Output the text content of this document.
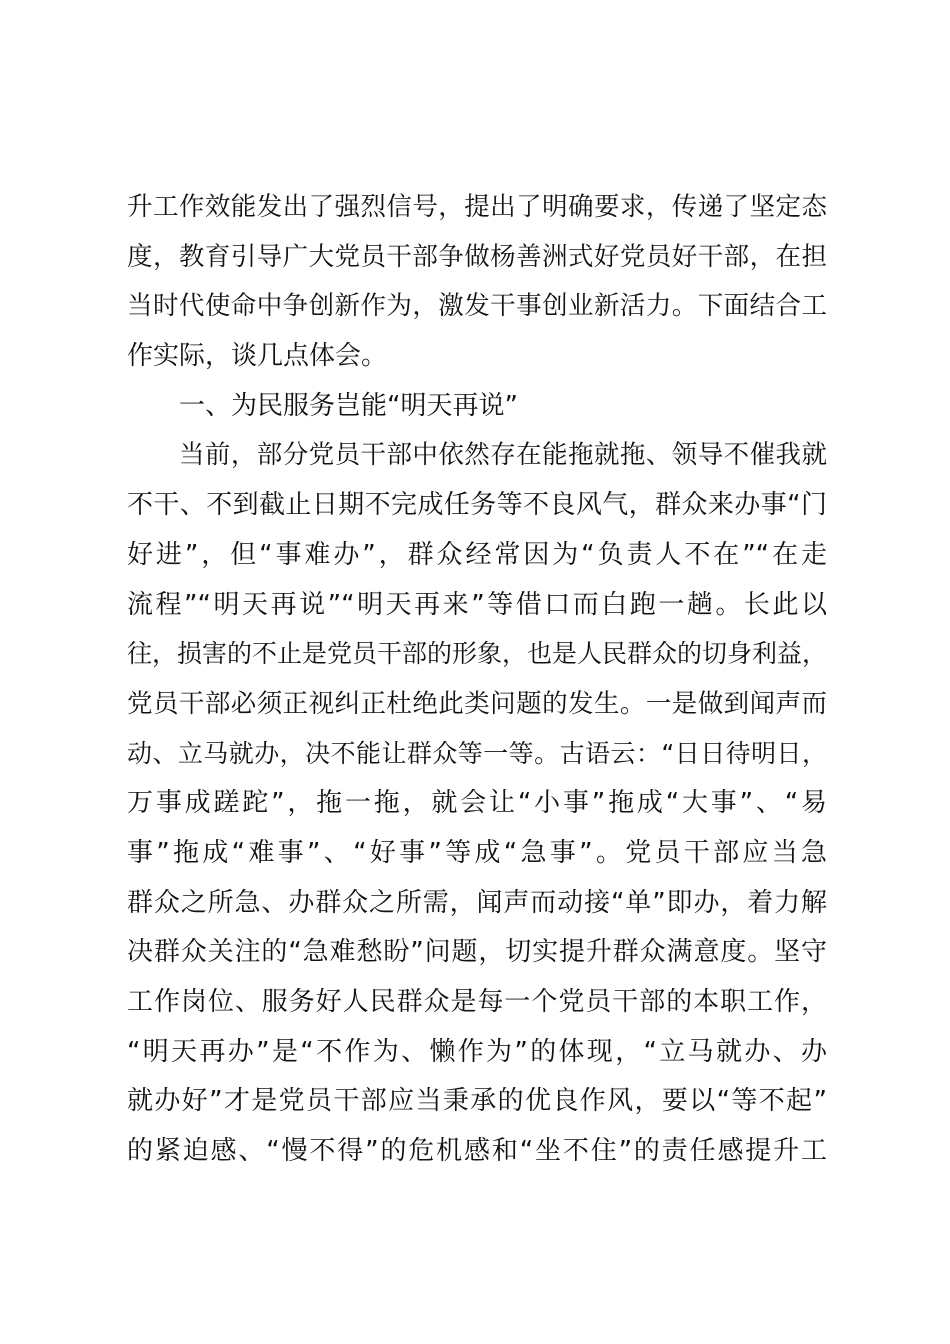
升工作效能发出了强烈信号，提出了明确要求，传递了坚定态
度，教育引导广大党员干部争做杨善洲式好党员好干部，在担
当时代使命中争创新作为，激发干事创业新活力。下面结合工
作实际，谈几点体会。
一、为民服务岂能“明天再说”
当前，部分党员干部中依然存在能拖就拖、领导不催我就
不干、不到截止日期不完成任务等不良风气，群众来办事“门
好进”，但“事难办”，群众经常因为“负责人不在”“在走
流程”“明天再说”“明天再来”等借口而白跑一趟。长此以
往，损害的不止是党员干部的形象，也是人民群众的切身利益，
党员干部必须正视纠正杜绝此类问题的发生。一是做到闻声而
动、立马就办，决不能让群众等一等。古语云：“日日待明日，
万事成蹉跎”，拖一拖，就会让“小事”拖成“大事”、“易
事”拖成“难事”、“好事”等成“急事”。党员干部应当急
群众之所急、办群众之所需，闻声而动接“单”即办，着力解
决群众关注的“急难愁盼”问题，切实提升群众满意度。坚守
工作岗位、服务好人民群众是每一个党员干部的本职工作，
“明天再办”是“不作为、懒作为”的体现，“立马就办、办
就办好”才是党员干部应当秉承的优良作风，要以“等不起”
的紧迫感、“慢不得”的危机感和“坐不住”的责任感提升工
